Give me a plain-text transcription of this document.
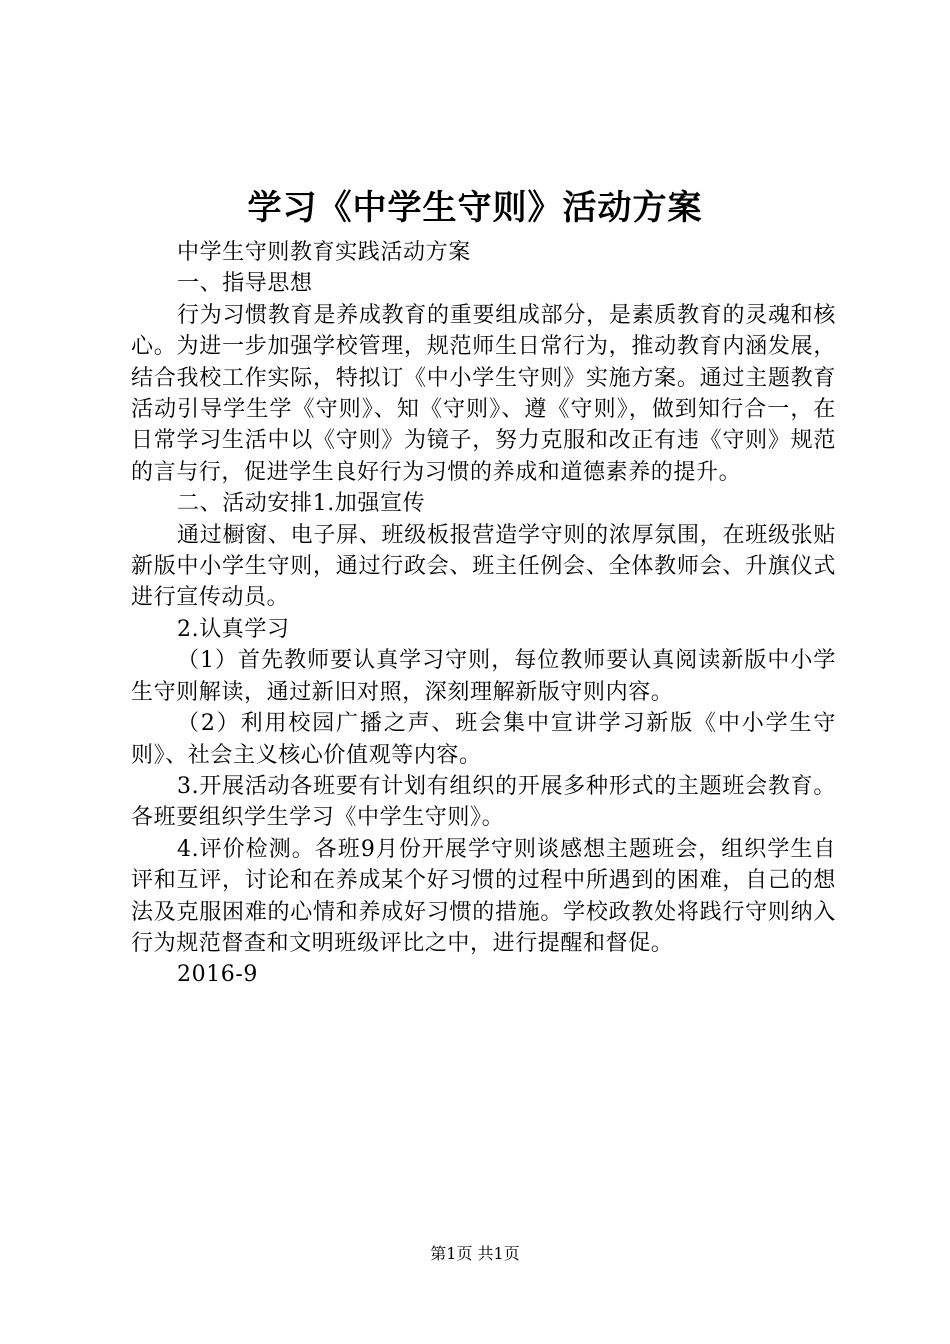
学习《中学生守则》活动方案

中学生守则教育实践活动方案

一、指导思想

行为习惯教育是养成教育的重要组成部分，是素质教育的灵魂和核心。为进一步加强学校管理，规范师生日常行为，推动教育内涵发展，结合我校工作实际，特拟订《中小学生守则》实施方案。通过主题教育活动引导学生学《守则》、知《守则》、遵《守则》，做到知行合一，在日常学习生活中以《守则》为镜子，努力克服和改正有违《守则》规范的言与行，促进学生良好行为习惯的养成和道德素养的提升。

二、活动安排1.加强宣传

通过橱窗、电子屏、班级板报营造学守则的浓厚氛围，在班级张贴新版中小学生守则，通过行政会、班主任例会、全体教师会、升旗仪式进行宣传动员。

2.认真学习

（1）首先教师要认真学习守则，每位教师要认真阅读新版中小学生守则解读，通过新旧对照，深刻理解新版守则内容。

（2）利用校园广播之声、班会集中宣讲学习新版《中小学生守则》、社会主义核心价值观等内容。

3.开展活动各班要有计划有组织的开展多种形式的主题班会教育。各班要组织学生学习《中学生守则》。

4.评价检测。各班9月份开展学守则谈感想主题班会，组织学生自评和互评，讨论和在养成某个好习惯的过程中所遇到的困难，自己的想法及克服困难的心情和养成好习惯的措施。学校政教处将践行守则纳入行为规范督查和文明班级评比之中，进行提醒和督促。

2016-9

第1页 共1页
